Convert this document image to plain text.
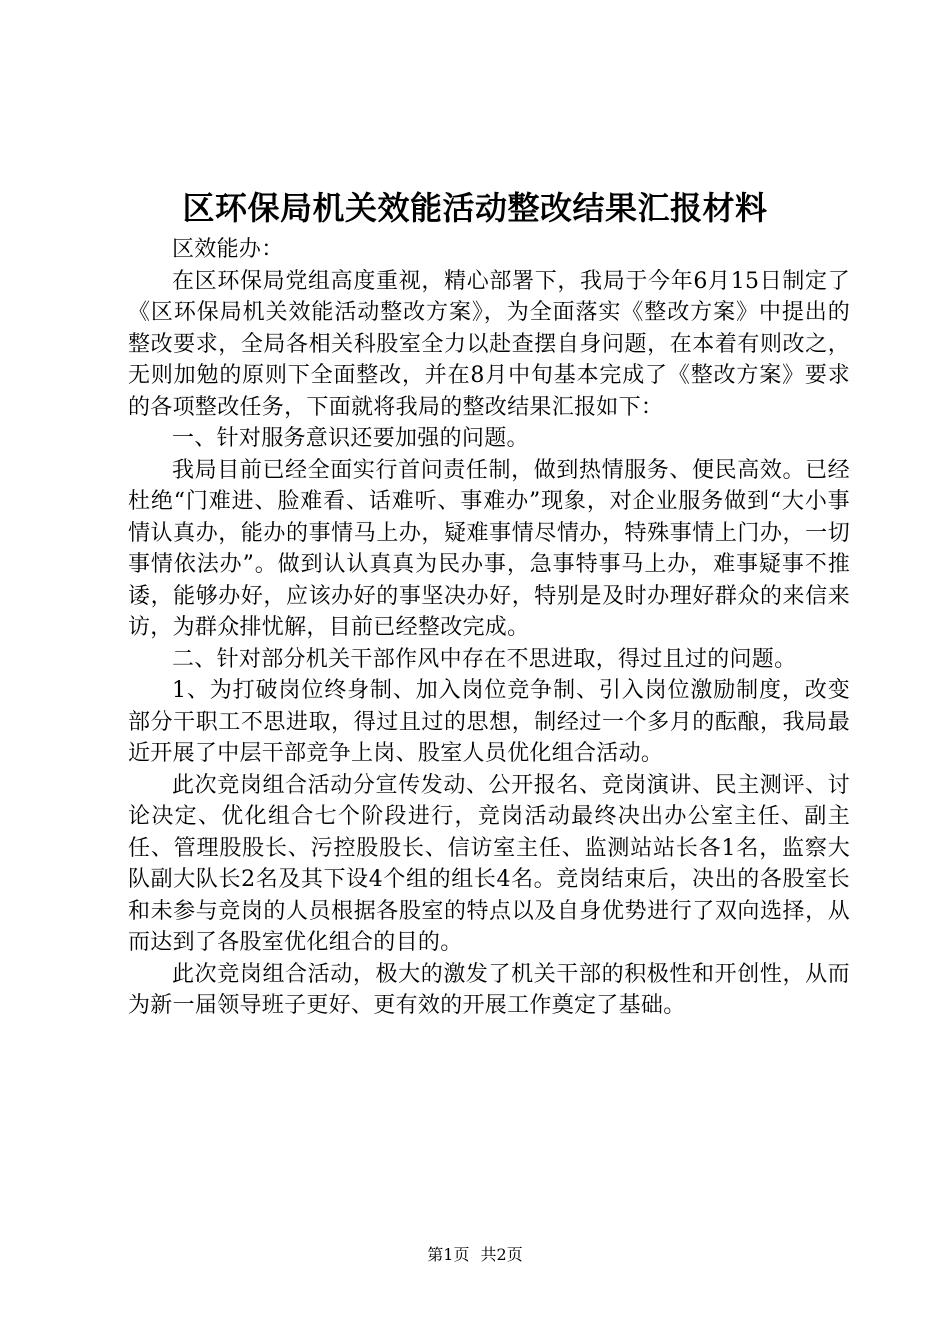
区环保局机关效能活动整改结果汇报材料

区效能办：

在区环保局党组高度重视，精心部署下，我局于今年6月15日制定了《区环保局机关效能活动整改方案》，为全面落实《整改方案》中提出的整改要求，全局各相关科股室全力以赴查摆自身问题，在本着有则改之，无则加勉的原则下全面整改，并在8月中旬基本完成了《整改方案》要求的各项整改任务，下面就将我局的整改结果汇报如下：

一、针对服务意识还要加强的问题。

我局目前已经全面实行首问责任制，做到热情服务、便民高效。已经杜绝“门难进、脸难看、话难听、事难办”现象，对企业服务做到“大小事情认真办，能办的事情马上办，疑难事情尽情办，特殊事情上门办，一切事情依法办”。做到认认真真为民办事，急事特事马上办，难事疑事不推诿，能够办好，应该办好的事坚决办好，特别是及时办理好群众的来信来访，为群众排忧解，目前已经整改完成。

二、针对部分机关干部作风中存在不思进取，得过且过的问题。

1、为打破岗位终身制、加入岗位竞争制、引入岗位激励制度，改变部分干职工不思进取，得过且过的思想，制经过一个多月的酝酿，我局最近开展了中层干部竞争上岗、股室人员优化组合活动。

此次竞岗组合活动分宣传发动、公开报名、竞岗演讲、民主测评、讨论决定、优化组合七个阶段进行，竞岗活动最终决出办公室主任、副主任、管理股股长、污控股股长、信访室主任、监测站站长各1名，监察大队副大队长2名及其下设4个组的组长4名。竞岗结束后，决出的各股室长和未参与竞岗的人员根据各股室的特点以及自身优势进行了双向选择，从而达到了各股室优化组合的目的。

此次竞岗组合活动，极大的激发了机关干部的积极性和开创性，从而为新一届领导班子更好、更有效的开展工作奠定了基础。

第1页 共2页
